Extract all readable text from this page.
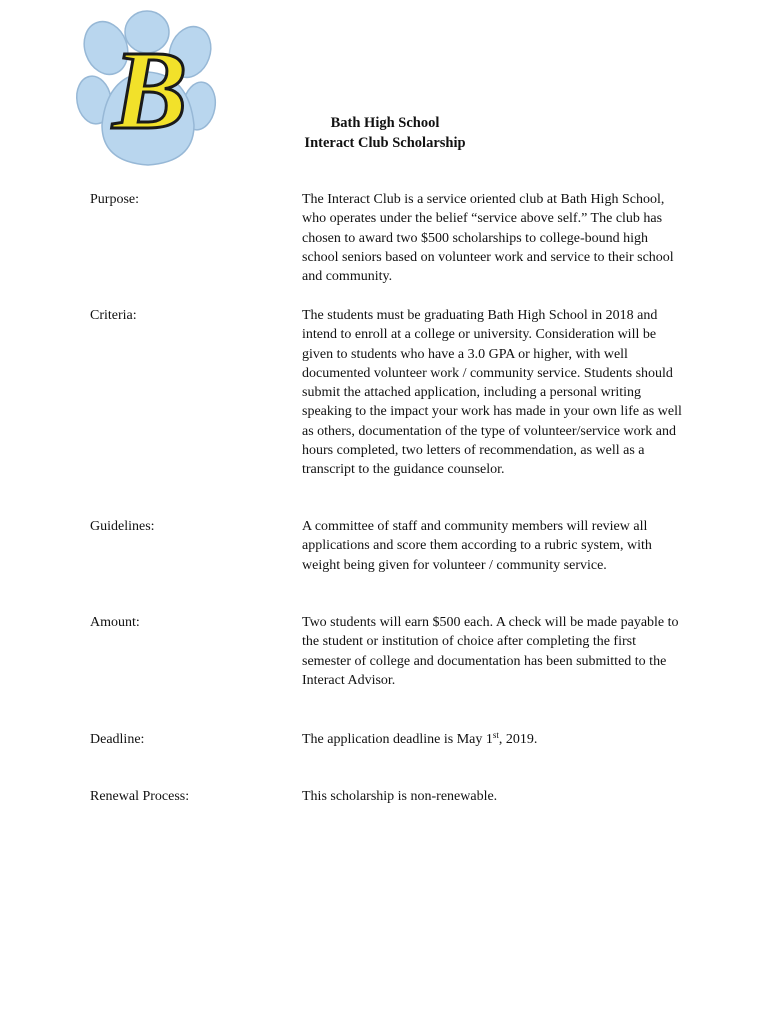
B	Bath High School
Interact Club Scholarship
Purpose:	The Interact Club is a service oriented club at Bath High School, who operates under the belief “service above self.” The club has chosen to award two $500 scholarships to college-bound high school seniors based on volunteer work and service to their school and community.
Criteria:	The students must be graduating Bath High School in 2018 and intend to enroll at a college or university. Consideration will be given to students who have a 3.0 GPA or higher, with well documented volunteer work / community service. Students should submit the attached application, including a personal writing speaking to the impact your work has made in your own life as well as others, documentation of the type of volunteer/service work and hours completed, two letters of recommendation, as well as a transcript to the guidance counselor.
Guidelines:	A committee of staff and community members will review all applications and score them according to a rubric system, with weight being given for volunteer / community service.
Amount:	Two students will earn $500 each. A check will be made payable to the student or institution of choice after completing the first semester of college and documentation has been submitted to the Interact Advisor.
Deadline:	The application deadline is May 1st, 2019.
Renewal Process:	This scholarship is non-renewable.
